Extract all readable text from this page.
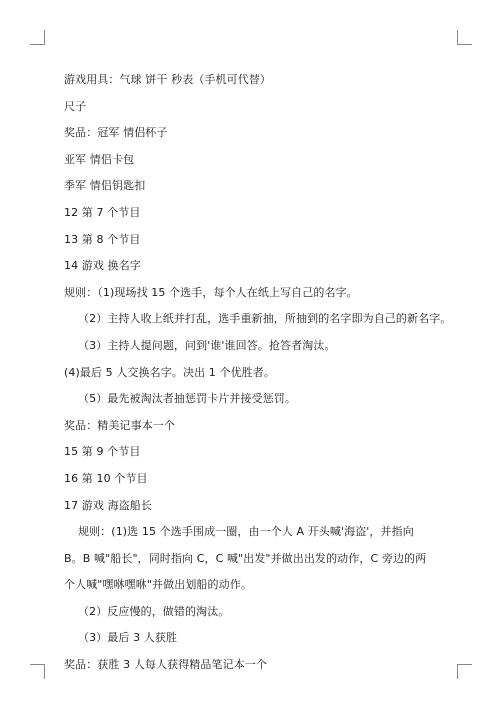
游戏用具：气球 饼干 秒表（手机可代替）

尺子

奖品：冠军 情侣杯子

亚军 情侣卡包

季军 情侣钥匙扣

12 第 7 个节目

13 第 8 个节目

14 游戏 换名字

规则：（1)现场找 15 个选手，每个人在纸上写自己的名字。

（2）主持人收上纸并打乱，选手重新抽，所抽到的名字即为自己的新名字。

（3）主持人提问题，问到'谁'谁回答。抢答者淘汰。

(4)最后 5 人交换名字。决出 1 个优胜者。

（5）最先被淘汰者抽惩罚卡片并接受惩罚。

奖品：精美记事本一个

15 第 9 个节目

16 第 10 个节目

17 游戏 海盗船长

规则：(1)选 15 个选手围成一圈，由一个人 A 开头喊'海盗'，并指向 B。B 喊"船长"，同时指向 C，C 喊"出发"并做出出发的动作，C 旁边的两个人喊"嘿咻嘿咻"并做出划船的动作。

（2）反应慢的，做错的淘汰。

（3）最后 3 人获胜

奖品：获胜 3 人每人获得精品笔记本一个
